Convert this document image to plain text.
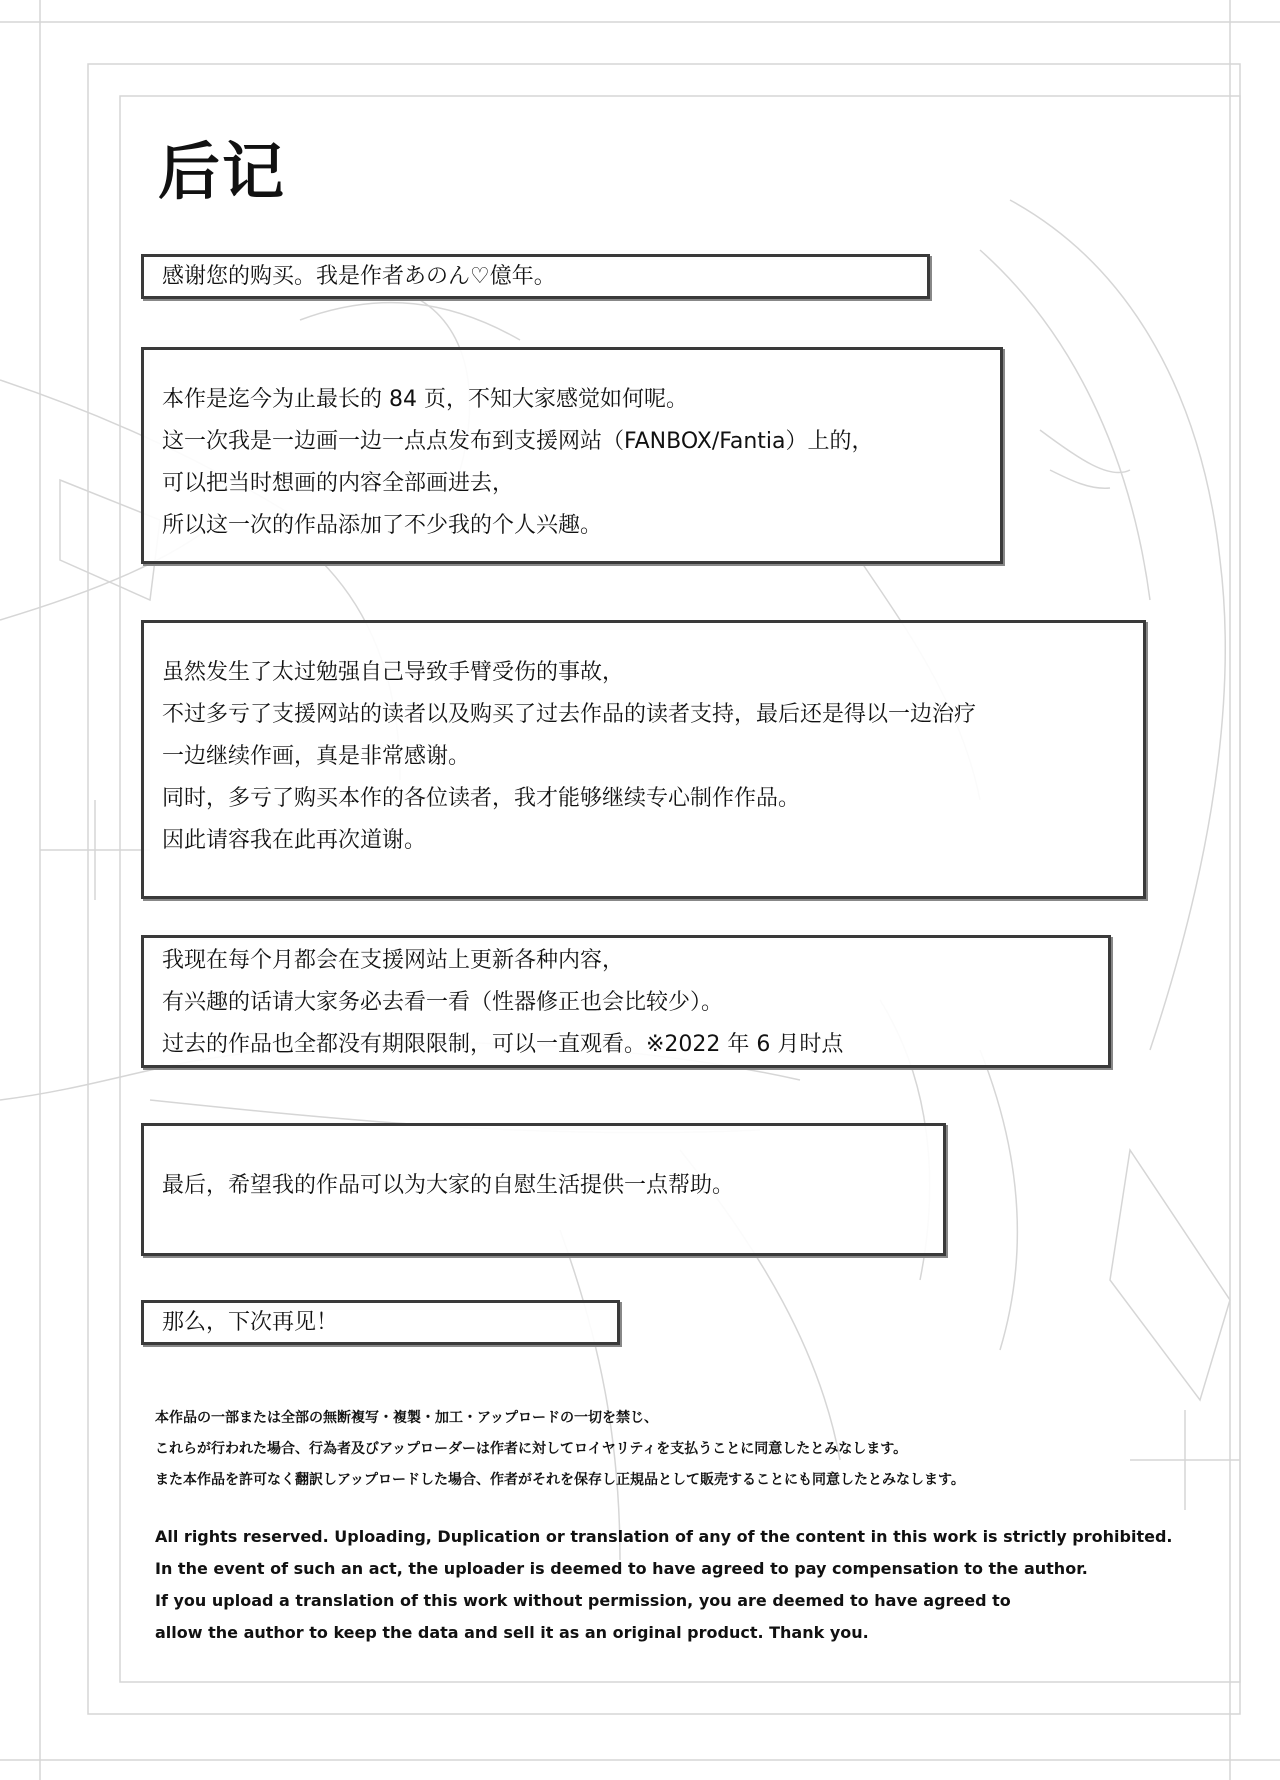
后记

感谢您的购买。我是作者あのん♡億年。

本作是迄今为止最长的 84 页，不知大家感觉如何呢。

这一次我是一边画一边一点点发布到支援网站（FANBOX/Fantia）上的，

可以把当时想画的内容全部画进去，

所以这一次的作品添加了不少我的个人兴趣。

虽然发生了太过勉强自己导致手臂受伤的事故，

不过多亏了支援网站的读者以及购买了过去作品的读者支持，最后还是得以一边治疗

一边继续作画，真是非常感谢。

同时，多亏了购买本作的各位读者，我才能够继续专心制作作品。

因此请容我在此再次道谢。

我现在每个月都会在支援网站上更新各种内容，

有兴趣的话请大家务必去看一看（性器修正也会比较少）。

过去的作品也全都没有期限限制，可以一直观看。※2022 年 6 月时点

最后，希望我的作品可以为大家的自慰生活提供一点帮助。

那么，下次再见！

本作品の一部または全部の無断複写・複製・加工・アップロードの一切を禁じ、

これらが行われた場合、行為者及びアップローダーは作者に対してロイヤリティを支払うことに同意したとみなします。

また本作品を許可なく翻訳しアップロードした場合、作者がそれを保存し正規品として販売することにも同意したとみなします。

All rights reserved. Uploading, Duplication or translation of any of the content in this work is strictly prohibited.

In the event of such an act, the uploader is deemed to have agreed to pay compensation to the author.

If you upload a translation of this work without permission, you are deemed to have agreed to

allow the author to keep the data and sell it as an original product. Thank you.
